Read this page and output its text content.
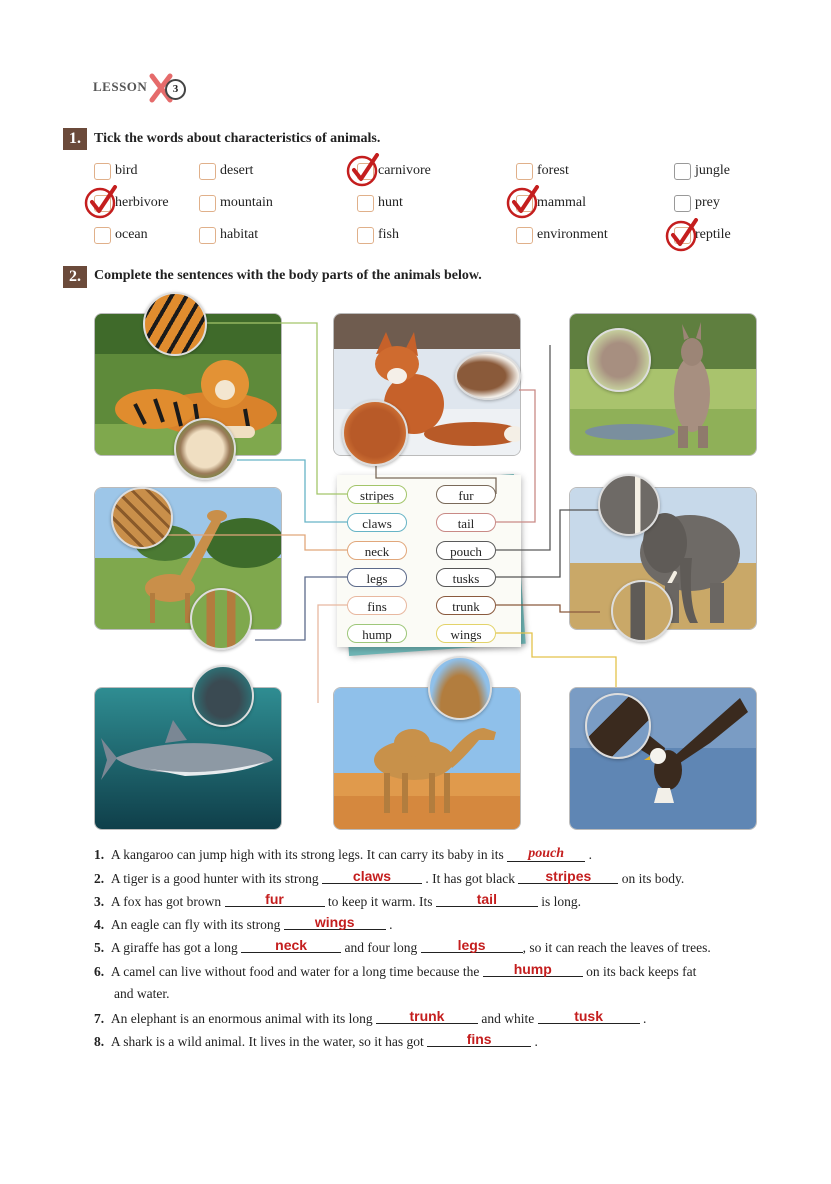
LESSON	3
1. Tick the words about characteristics of animals.
bird	desert	carnivore	forest	jungle
herbivore	mountain	hunt	mammal	prey
ocean	habitat	fish	environment	reptile
2. Complete the sentences with the body parts of the animals below.
stripes	fur
claws	tail
neck	pouch
legs	tusks
fins	trunk
hump	wings
1. A kangaroo can jump high with its strong legs. It can carry its baby in its pouch .
2. A tiger is a good hunter with its strong claws . It has got black stripes on its body.
3. A fox has got brown	fur	to keep it warm. Its	tail	is long.
4. An eagle can fly with its strong wings .
5. A giraffe has got a long neck	and four long	legs	, so it can reach the leaves of trees.
6. A camel can live without food and water for a long time because the hump on its back keeps fat
and water.
7. An elephant is an enormous animal with its long trunk and white	tusk	.
8. A shark is a wild animal. It lives in the water, so it has got	fins	.
